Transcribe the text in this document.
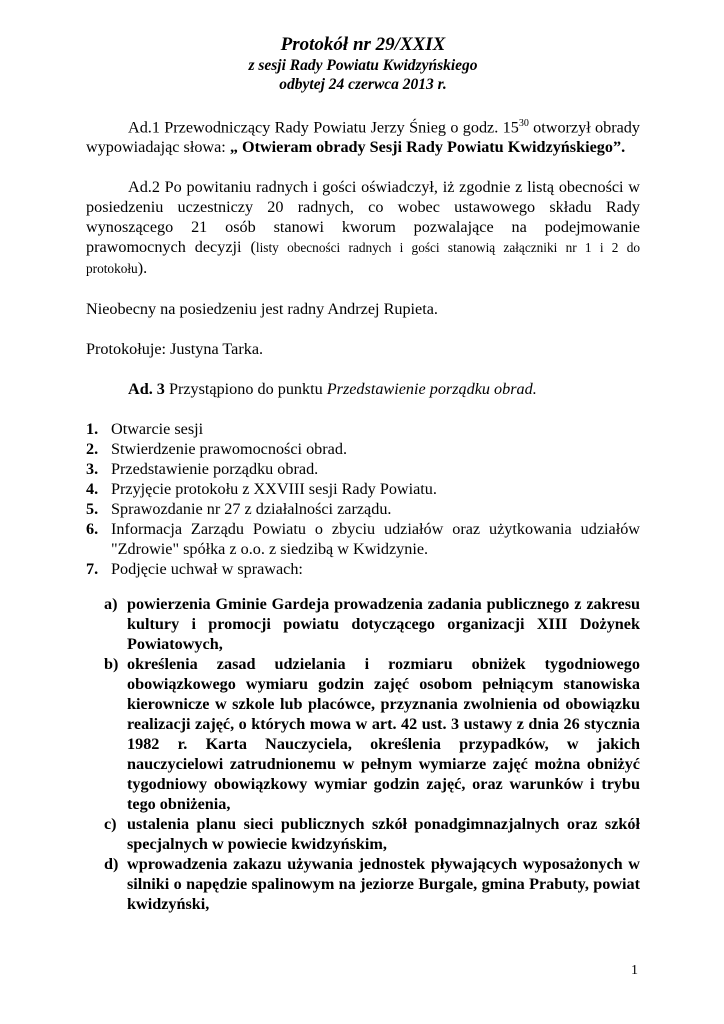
Protokół nr 29/XXIX
z sesji Rady Powiatu Kwidzyńskiego
odbytej 24 czerwca 2013 r.

Ad.1 Przewodniczący Rady Powiatu Jerzy Śnieg o godz. $15^{30}$ otworzył obrady wypowiadając słowa: „ Otwieram obrady Sesji Rady Powiatu Kwidzyńskiego”.

Ad.2 Po powitaniu radnych i gości oświadczył, iż zgodnie z listą obecności w posiedzeniu uczestniczy 20 radnych, co wobec ustawowego składu Rady wynoszącego 21 osób stanowi kworum pozwalające na podejmowanie prawomocnych decyzji (listy obecności radnych i gości stanowią załączniki nr 1 i 2 do protokołu).

Nieobecny na posiedzeniu jest radny Andrzej Rupieta.

Protokołuje: Justyna Tarka.

Ad. 3 Przystąpiono do punktu Przedstawienie porządku obrad.

1. Otwarcie sesji
2. Stwierdzenie prawomocności obrad.
3. Przedstawienie porządku obrad.
4. Przyjęcie protokołu z XXVIII sesji Rady Powiatu.
5. Sprawozdanie nr 27 z działalności zarządu.
6. Informacja Zarządu Powiatu o zbyciu udziałów oraz użytkowania udziałów "Zdrowie" spółka z o.o. z siedzibą w Kwidzynie.
7. Podjęcie uchwał w sprawach:
a) powierzenia Gminie Gardeja prowadzenia zadania publicznego z zakresu kultury i promocji powiatu dotyczącego organizacji XIII Dożynek Powiatowych,
b) określenia zasad udzielania i rozmiaru obniżek tygodniowego obowiązkowego wymiaru godzin zajęć osobom pełniącym stanowiska kierownicze w szkole lub placówce, przyznania zwolnienia od obowiązku realizacji zajęć, o których mowa w art. 42 ust. 3 ustawy z dnia 26 stycznia 1982 r. Karta Nauczyciela, określenia przypadków, w jakich nauczycielowi zatrudnionemu w pełnym wymiarze zajęć można obniżyć tygodniowy obowiązkowy wymiar godzin zajęć, oraz warunków i trybu tego obniżenia,
c) ustalenia planu sieci publicznych szkół ponadgimnazjalnych oraz szkół specjalnych w powiecie kwidzyńskim,
d) wprowadzenia zakazu używania jednostek pływających wyposażonych w silniki o napędzie spalinowym na jeziorze Burgale, gmina Prabuty, powiat kwidzyński,
1
